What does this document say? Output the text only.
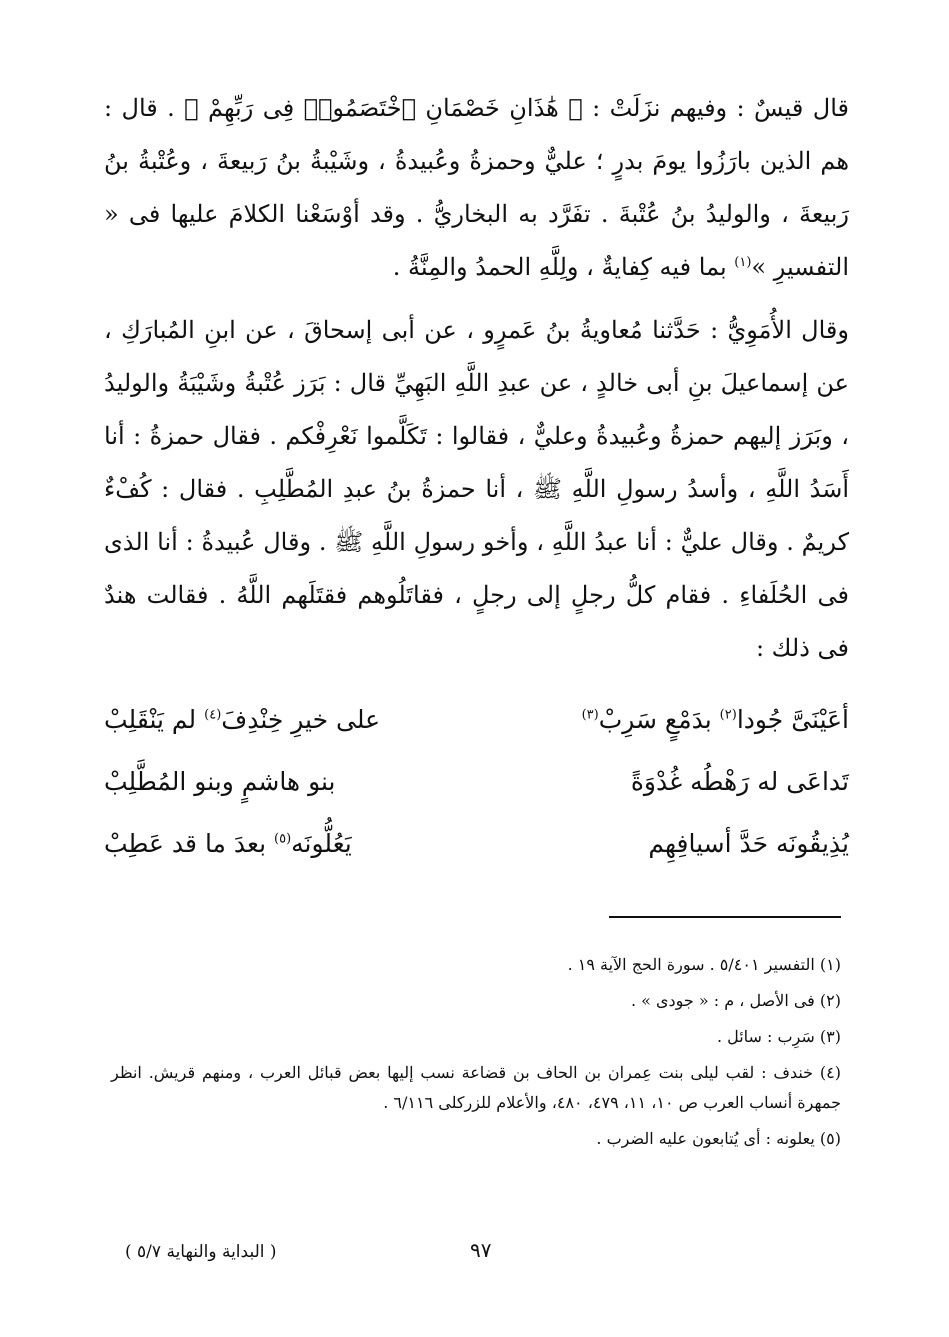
قال قيسٌ : وفيهم نزَلَتْ : ﴿ هَٰذَانِ خَصْمَانِ ٱخْتَصَمُوا۟ فِى رَبِّهِمْ ﴾ . قال : هم الذين بارَزُوا يومَ بدرٍ ؛ عليٌّ وحمزةُ وعُبيدةُ ، وشَيْبةُ بنُ رَبيعةَ ، وعُتْبةُ بنُ رَبيعةَ ، والوليدُ بنُ عُتْبةَ . تفَرَّد به البخاريُّ . وقد أوْسَعْنا الكلامَ عليها فى « التفسيرِ »$^{(١)}$ بما فيه كِفايةٌ ، ولِلَّهِ الحمدُ والمِنَّةُ .

وقال الأُمَوِيُّ : حَدَّثنا مُعاويةُ بنُ عَمرٍو ، عن أبى إسحاقَ ، عن ابنِ المُبارَكِ ، عن إسماعيلَ بنِ أبى خالدٍ ، عن عبدِ اللَّهِ البَهِيِّ قال : بَرَز عُتْبةُ وشَيْبَةُ والوليدُ ، وبَرَز إليهم حمزةُ وعُبيدةُ وعليٌّ ، فقالوا : تَكَلَّموا نَعْرِفْكم . فقال حمزةُ : أنا أَسَدُ اللَّهِ ، وأسدُ رسولِ اللَّهِ ﷺ ، أنا حمزةُ بنُ عبدِ المُطَّلِبِ . فقال : كُفْءٌ كريمٌ . وقال عليٌّ : أنا عبدُ اللَّهِ ، وأخو رسولِ اللَّهِ ﷺ . وقال عُبيدةُ : أنا الذى فى الحُلَفاءِ . فقام كلُّ رجلٍ إلى رجلٍ ، فقاتَلُوهم فقتَلَهم اللَّهُ . فقالت هندٌ فى ذلك :

أعَيْنَىَّ جُودا$^{(٢)}$ بدَمْعٍ سَرِبْ$^{(٣)}$
على خيرِ خِنْدِفَ$^{(٤)}$ لم يَنْقَلِبْ
تَداعَى له رَهْطُه غُدْوَةً
بنو هاشمٍ وبنو المُطَّلِبْ
يُذِيقُونَه حَدَّ أسيافِهِم
يَعُلُّونَه$^{(٥)}$ بعدَ ما قد عَطِبْ

(١) التفسير ٥/٤٠١ . سورة الحج الآية ١٩ .

(٢) فى الأصل ، م : « جودى » .

(٣) سَرِب : سائل .

(٤) خندف : لقب ليلى بنت عِمران بن الحاف بن قضاعة نسب إليها بعض قبائل العرب ، ومنهم قريش. انظر جمهرة أنساب العرب ص ١٠، ١١، ٤٧٩، ٤٨٠، والأعلام للزركلى ٦/١١٦ .

(٥) يعلونه : أى يُتابعون عليه الضرب .

٩٧
( البداية والنهاية ٥/٧ )
